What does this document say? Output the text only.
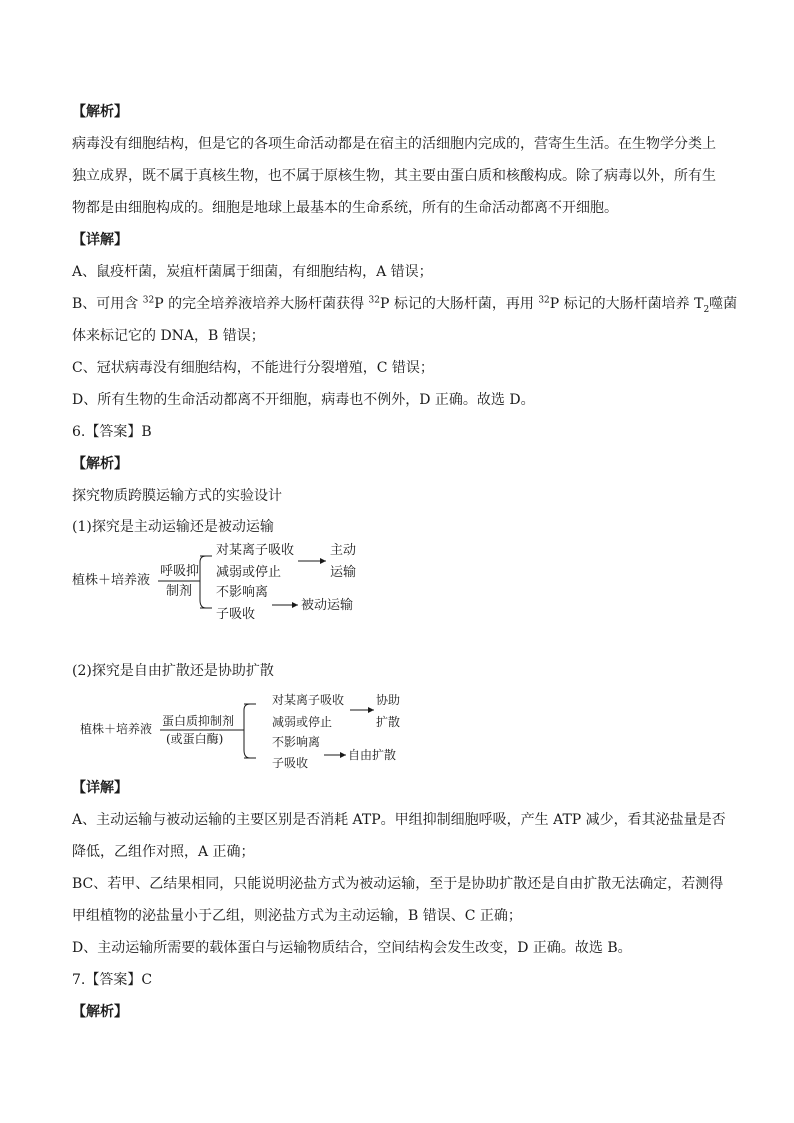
【解析】
病毒没有细胞结构，但是它的各项生命活动都是在宿主的活细胞内完成的，营寄生生活。在生物学分类上
独立成界，既不属于真核生物，也不属于原核生物，其主要由蛋白质和核酸构成。除了病毒以外，所有生
物都是由细胞构成的。细胞是地球上最基本的生命系统，所有的生命活动都离不开细胞。
【详解】
A、鼠疫杆菌，炭疽杆菌属于细菌，有细胞结构，A 错误；
B、可用含 $^{32}$P 的完全培养液培养大肠杆菌获得 $^{32}$P 标记的大肠杆菌，再用 $^{32}$P 标记的大肠杆菌培养 $T_2$噬菌
体来标记它的 DNA，B 错误；
C、冠状病毒没有细胞结构，不能进行分裂增殖，C 错误；
D、所有生物的生命活动都离不开细胞，病毒也不例外，D 正确。故选 D。
6.【答案】B
【解析】
探究物质跨膜运输方式的实验设计
(1)探究是主动运输还是被动运输
植株＋培养液
呼吸抑
制剂
对某离子吸收
减弱或停止
主动
运输
不影响离
子吸收
被动运输
(2)探究是自由扩散还是协助扩散
植株＋培养液
蛋白质抑制剂
(或蛋白酶)
对某离子吸收
减弱或停止
协助
扩散
不影响离
子吸收
自由扩散
【详解】
A、主动运输与被动运输的主要区别是否消耗 ATP。甲组抑制细胞呼吸，产生 ATP 减少，看其泌盐量是否
降低，乙组作对照，A 正确；
BC、若甲、乙结果相同，只能说明泌盐方式为被动运输，至于是协助扩散还是自由扩散无法确定，若测得
甲组植物的泌盐量小于乙组，则泌盐方式为主动运输，B 错误、C 正确；
D、主动运输所需要的载体蛋白与运输物质结合，空间结构会发生改变，D 正确。故选 B。
7.【答案】C
【解析】
